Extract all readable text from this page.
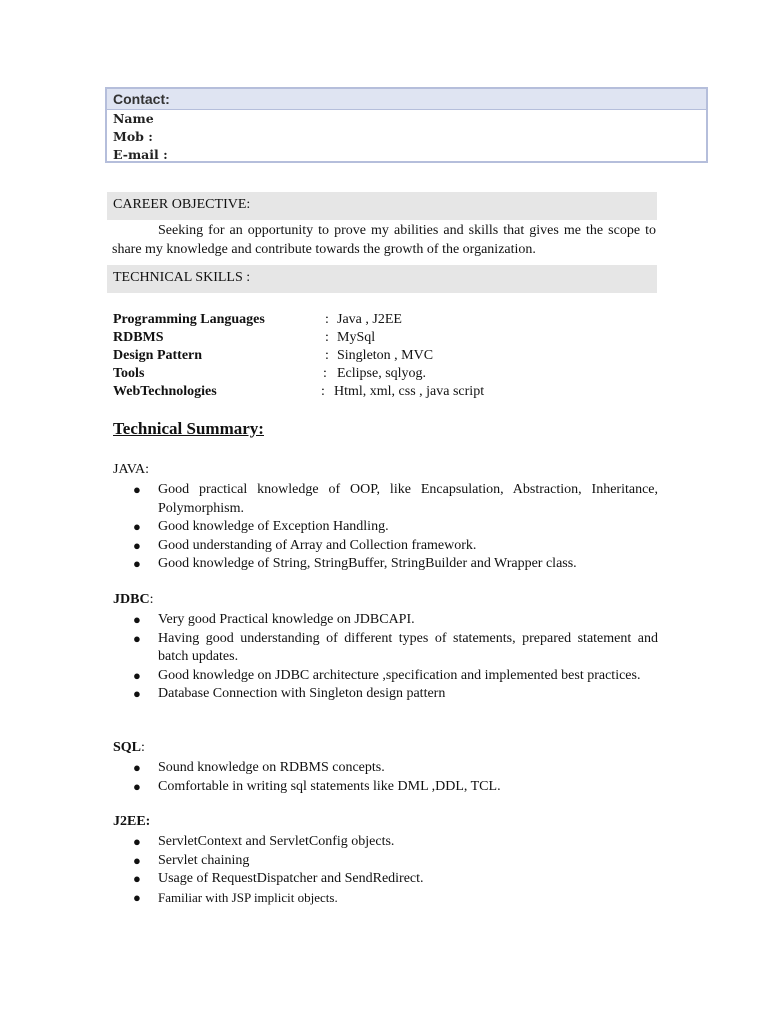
Contact:
Name
Mob :
E-mail :
CAREER OBJECTIVE:
Seeking for an opportunity to prove my abilities and skills that gives me the scope to share my knowledge and contribute towards the growth of the organization.
TECHNICAL SKILLS :
Programming Languages	: Java , J2EE
RDBMS	: MySql
Design Pattern	: Singleton , MVC
Tools	: Eclipse, sqlyog.
WebTechnologies	: Html, xml, css , java script
Technical Summary:
JAVA:
● Good practical knowledge of OOP, like Encapsulation, Abstraction, Inheritance, Polymorphism.
● Good knowledge of Exception Handling.
● Good understanding of Array and Collection framework.
● Good knowledge of String, StringBuffer, StringBuilder and Wrapper class.
JDBC:
● Very good Practical knowledge on JDBCAPI.
● Having good understanding of different types of statements, prepared statement and batch updates.
● Good knowledge on JDBC architecture ,specification and implemented best practices.
● Database Connection with Singleton design pattern
SQL:
● Sound knowledge on RDBMS concepts.
● Comfortable in writing sql statements like DML ,DDL, TCL.
J2EE:
● ServletContext and ServletConfig objects.
● Servlet chaining
● Usage of RequestDispatcher and SendRedirect.
● Familiar with JSP implicit objects.
